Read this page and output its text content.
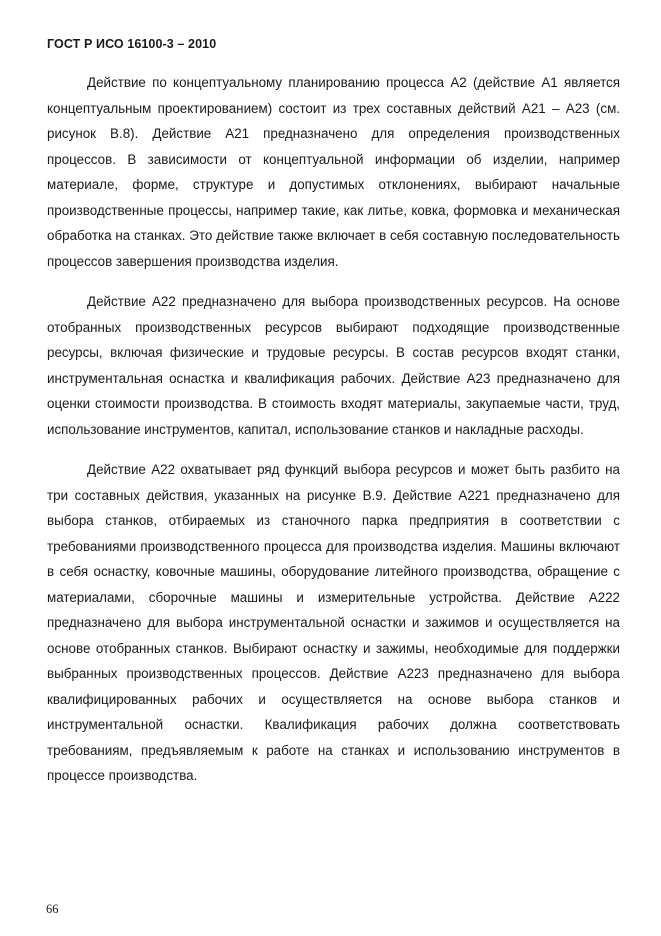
ГОСТ Р ИСО 16100-3 – 2010

Действие по концептуальному планированию процесса А2 (действие А1 является концептуальным проектированием) состоит из трех составных действий А21 – А23 (см. рисунок В.8). Действие А21 предназначено для определения производственных процессов. В зависимости от концептуальной информации об изделии, например материале, форме, структуре и допустимых отклонениях, выбирают начальные производственные процессы, например такие, как литье, ковка, формовка и механическая обработка на станках. Это действие также включает в себя составную последовательность процессов завершения производства изделия.

Действие А22 предназначено для выбора производственных ресурсов. На основе отобранных производственных ресурсов выбирают подходящие производственные ресурсы, включая физические и трудовые ресурсы. В состав ресурсов входят станки, инструментальная оснастка и квалификация рабочих. Действие А23 предназначено для оценки стоимости производства. В стоимость входят материалы, закупаемые части, труд, использование инструментов, капитал, использование станков и накладные расходы.

Действие А22 охватывает ряд функций выбора ресурсов и может быть разбито на три составных действия, указанных на рисунке В.9. Действие А221 предназначено для выбора станков, отбираемых из станочного парка предприятия в соответствии с требованиями производственного процесса для производства изделия. Машины включают в себя оснастку, ковочные машины, оборудование литейного производства, обращение с материалами, сборочные машины и измерительные устройства. Действие А222 предназначено для выбора инструментальной оснастки и зажимов и осуществляется на основе отобранных станков. Выбирают оснастку и зажимы, необходимые для поддержки выбранных производственных процессов. Действие А223 предназначено для выбора квалифицированных рабочих и осуществляется на основе выбора станков и инструментальной оснастки. Квалификация рабочих должна соответствовать требованиям, предъявляемым к работе на станках и использованию инструментов в процессе производства.

66
